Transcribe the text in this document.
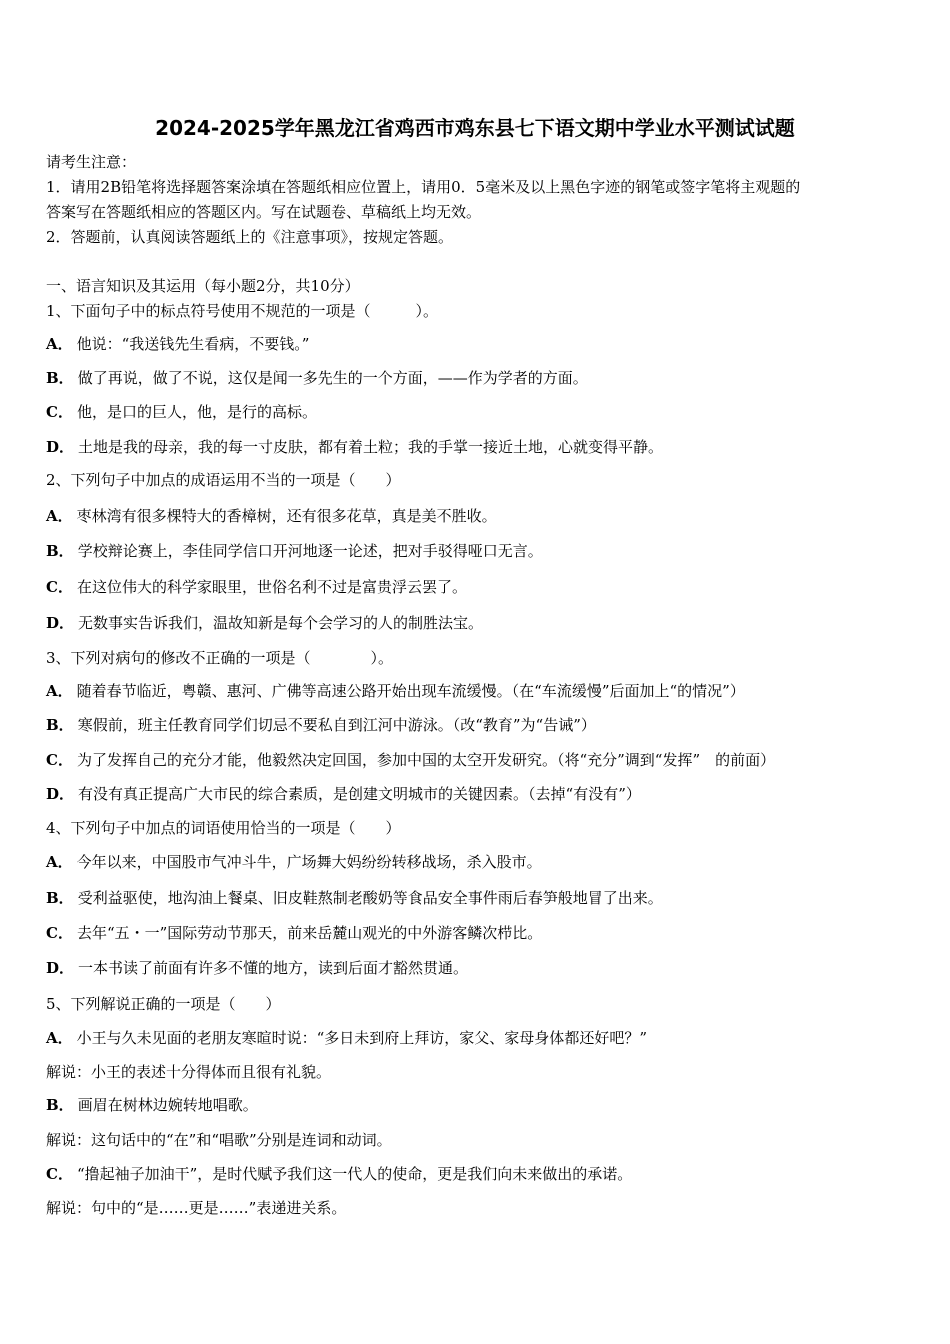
2024-2025学年黑龙江省鸡西市鸡东县七下语文期中学业水平测试试题
请考生注意：
1．请用2B铅笔将选择题答案涂填在答题纸相应位置上，请用0．5毫米及以上黑色字迹的钢笔或签字笔将主观题的
答案写在答题纸相应的答题区内。写在试题卷、草稿纸上均无效。
2．答题前，认真阅读答题纸上的《注意事项》，按规定答题。
一、语言知识及其运用（每小题2分，共10分）
1、下面句子中的标点符号使用不规范的一项是（　　　）。
A． 他说：“我送钱先生看病，不要钱。”
B． 做了再说，做了不说，这仅是闻一多先生的一个方面，——作为学者的方面。
C． 他，是口的巨人，他，是行的高标。
D． 土地是我的母亲，我的每一寸皮肤，都有着土粒；我的手掌一接近土地，心就变得平静。
2、下列句子中加点的成语运用不当的一项是（　　）
A． 枣林湾有很多棵特大的香樟树，还有很多花草，真是美不胜收。
B． 学校辩论赛上，李佳同学信口开河地逐一论述，把对手驳得哑口无言。
C． 在这位伟大的科学家眼里，世俗名利不过是富贵浮云罢了。
D． 无数事实告诉我们，温故知新是每个会学习的人的制胜法宝。
3、下列对病句的修改不正确的一项是（　　　　）。
A． 随着春节临近，粤赣、惠河、广佛等高速公路开始出现车流缓慢。（在“车流缓慢”后面加上“的情况”）
B． 寒假前，班主任教育同学们切忌不要私自到江河中游泳。（改“教育”为“告诫”）
C． 为了发挥自己的充分才能，他毅然决定回国，参加中国的太空开发研究。（将“充分”调到“发挥”　的前面）
D． 有没有真正提高广大市民的综合素质，是创建文明城市的关键因素。（去掉“有没有”）
4、下列句子中加点的词语使用恰当的一项是（　　）
A． 今年以来，中国股市气冲斗牛，广场舞大妈纷纷转移战场，杀入股市。
B． 受利益驱使，地沟油上餐桌、旧皮鞋熬制老酸奶等食品安全事件雨后春笋般地冒了出来。
C． 去年“五・一”国际劳动节那天，前来岳麓山观光的中外游客鳞次栉比。
D． 一本书读了前面有许多不懂的地方，读到后面才豁然贯通。
5、下列解说正确的一项是（　　）
A． 小王与久未见面的老朋友寒暄时说：“多日未到府上拜访，家父、家母身体都还好吧？”
解说：小王的表述十分得体而且很有礼貌。
B． 画眉在树林边婉转地唱歌。
解说：这句话中的“在”和“唱歌”分别是连词和动词。
C． “撸起袖子加油干”，是时代赋予我们这一代人的使命，更是我们向未来做出的承诺。
解说：句中的“是……更是……”表递进关系。
